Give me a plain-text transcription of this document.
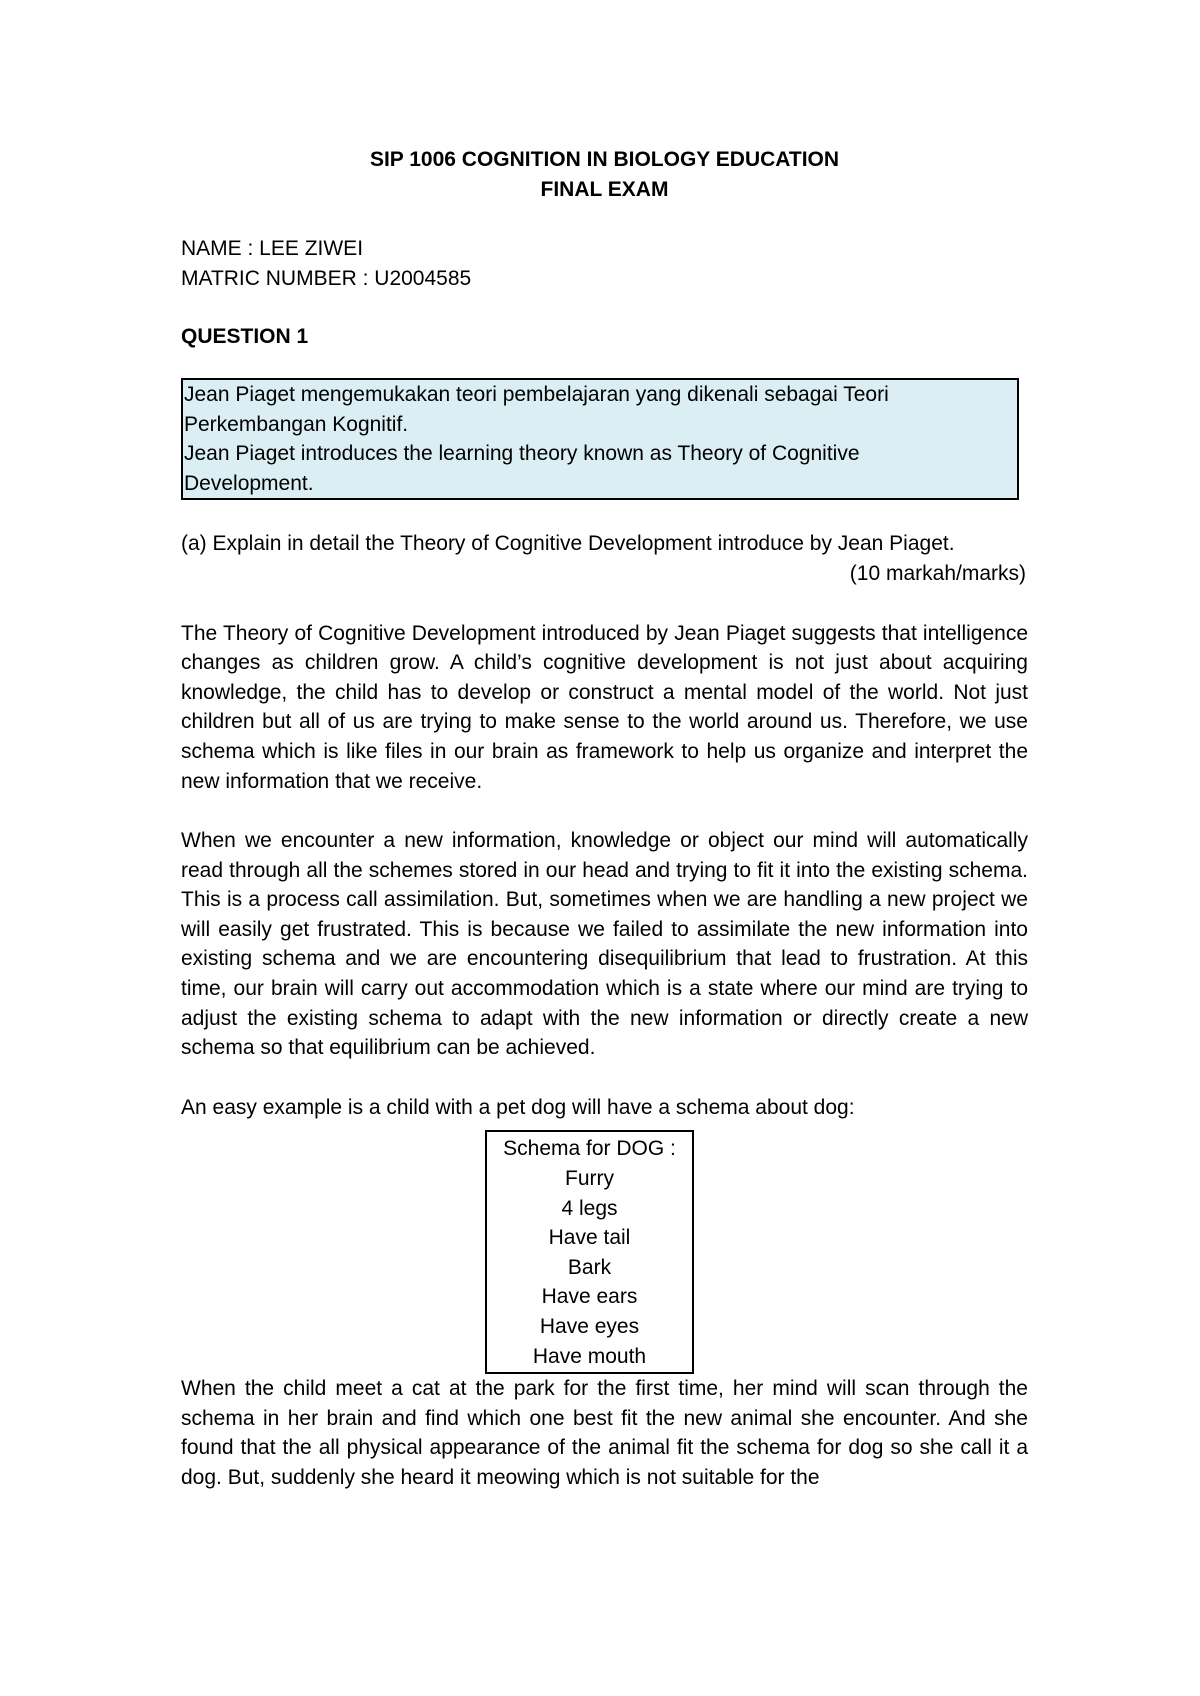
SIP 1006 COGNITION IN BIOLOGY EDUCATION
FINAL EXAM
NAME : LEE ZIWEI
MATRIC NUMBER : U2004585
QUESTION 1
Jean Piaget mengemukakan teori pembelajaran yang dikenali sebagai Teori
Perkembangan Kognitif.
Jean Piaget introduces the learning theory known as Theory of Cognitive
Development.
(a) Explain in detail the Theory of Cognitive Development introduce by Jean Piaget.
(10 markah/marks)
The Theory of Cognitive Development introduced by Jean Piaget suggests that intelligence changes as children grow. A child’s cognitive development is not just about acquiring knowledge, the child has to develop or construct a mental model of the world. Not just children but all of us are trying to make sense to the world around us. Therefore, we use schema which is like files in our brain as framework to help us organize and interpret the new information that we receive.
When we encounter a new information, knowledge or object our mind will automatically read through all the schemes stored in our head and trying to fit it into the existing schema. This is a process call assimilation. But, sometimes when we are handling a new project we will easily get frustrated. This is because we failed to assimilate the new information into existing schema and we are encountering disequilibrium that lead to frustration. At this time, our brain will carry out accommodation which is a state where our mind are trying to adjust the existing schema to adapt with the new information or directly create a new schema so that equilibrium can be achieved.
An easy example is a child with a pet dog will have a schema about dog:
Schema for DOG :
Furry
4 legs
Have tail
Bark
Have ears
Have eyes
Have mouth
When the child meet a cat at the park for the first time, her mind will scan through the schema in her brain and find which one best fit the new animal she encounter. And she found that the all physical appearance of the animal fit the schema for dog so she call it a dog. But, suddenly she heard it meowing which is not suitable for the
